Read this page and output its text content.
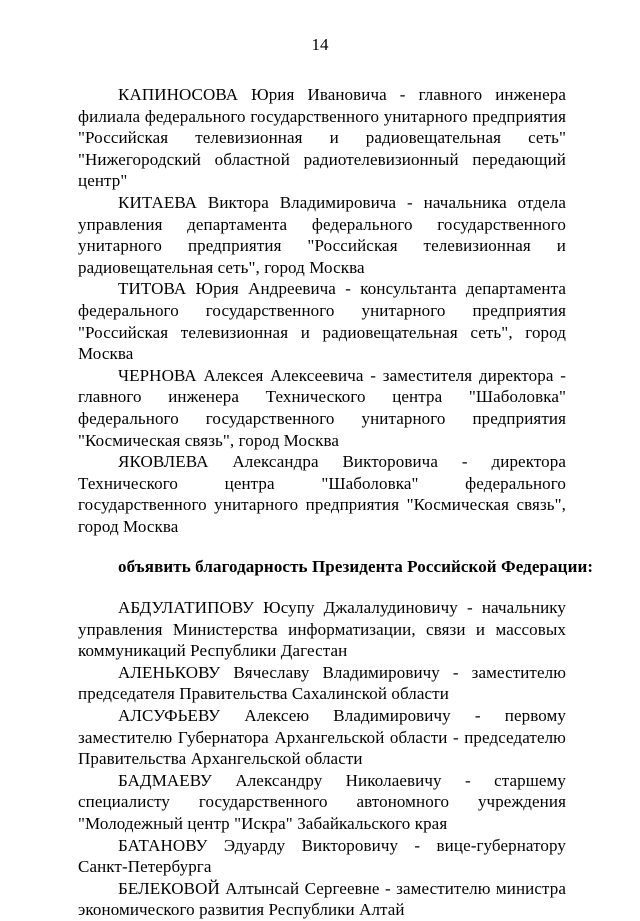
14

КАПИНОСОВА Юрия Ивановича - главного инженера филиала федерального государственного унитарного предприятия "Российская телевизионная и радиовещательная сеть" "Нижегородский областной радиотелевизионный передающий центр"

КИТАЕВА Виктора Владимировича - начальника отдела управления департамента федерального государственного унитарного предприятия "Российская телевизионная и радиовещательная сеть", город Москва

ТИТОВА Юрия Андреевича - консультанта департамента федерального государственного унитарного предприятия "Российская телевизионная и радиовещательная сеть", город Москва

ЧЕРНОВА Алексея Алексеевича - заместителя директора - главного инженера Технического центра "Шаболовка" федерального государственного унитарного предприятия "Космическая связь", город Москва

ЯКОВЛЕВА Александра Викторовича - директора Технического центра "Шаболовка" федерального государственного унитарного предприятия "Космическая связь", город Москва

объявить благодарность Президента Российской Федерации:

АБДУЛАТИПОВУ Юсупу Джалалудиновичу - начальнику управления Министерства информатизации, связи и массовых коммуникаций Республики Дагестан

АЛЕНЬКОВУ Вячеславу Владимировичу - заместителю председателя Правительства Сахалинской области

АЛСУФЬЕВУ Алексею Владимировичу - первому заместителю Губернатора Архангельской области - председателю Правительства Архангельской области

БАДМАЕВУ Александру Николаевичу - старшему специалисту государственного автономного учреждения "Молодежный центр "Искра" Забайкальского края

БАТАНОВУ Эдуарду Викторовичу - вице-губернатору Санкт-Петербурга

БЕЛЕКОВОЙ Алтынсай Сергеевне - заместителю министра экономического развития Республики Алтай
